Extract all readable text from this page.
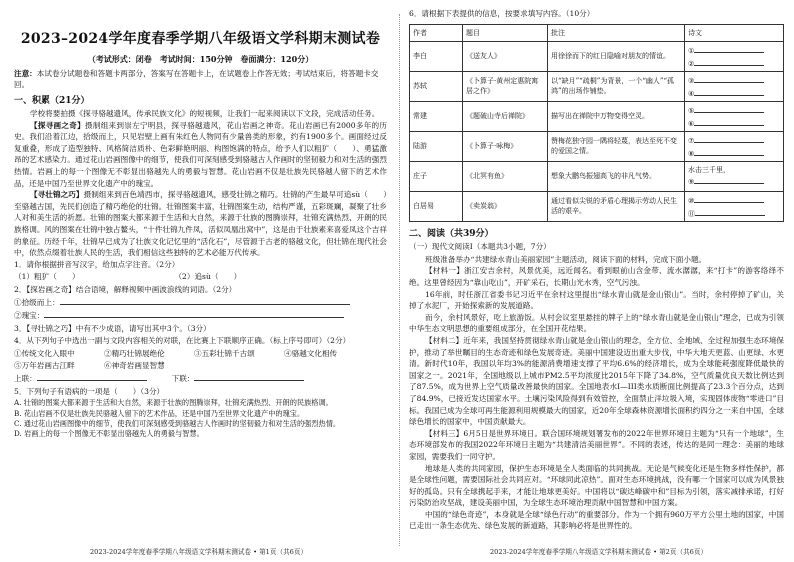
2023–2024学年度春季学期八年级语文学科期末测试卷
（考试形式：闭卷　考试时间：150分钟　卷面满分：120分）

注意：本试卷分试题卷和答题卡两部分，答案写在答题卡上，在试题卷上作答无效；考试结束后，将答题卡交回。

一、积累（21分）

学校将要拍摄《探寻骆越遗风，传承民族文化》的短视频，让我们一起来阅读以下文段，完成活动任务。

【探寻画之奇】摄制组来到崇左宁明县，探寻骆越遗风，花山岩画之神奇。花山岩画已有2000多年的历史。我们沿着江边，拾级而上，只见岩壁上画有朱红色人物同有少量兽类的形象，约有1900多个。画面经过反复重叠，形成了造型独特、风格简洁质朴、色彩鲜艳明丽、构图饱满的特点，给予人们以粗犷（　　）、勇猛激昂的艺术感染力。通过花山岩画图像中的细节，使我们可深刻感受到骆越古人作画时的坚韧毅力和对生活的强烈热情。岩画上的每一个图像无不彰显出骆越先人的勇毅与智慧。花山岩画不仅是壮族先民骆越人留下的艺术作品，还是中国乃至世界文化遗产中的瑰宝。

【寻壮锦之巧】摄制组来到百色靖西市，探寻骆越遗风，感受壮锦之精巧。壮锦的产生最早可追sù（　　）至骆越古国，先民们创造了精巧绝伦的壮锦。壮锦图案丰富，壮锦图案生动，结构严谨，五彩斑斓，凝聚了壮乡人对和美生活的祈愿。壮锦的图案大都来源于生活和大自然，来源于壮族的图腾崇拜，壮锦充满热烈、开朗的民族格调。风的图案在壮锦中独占鳌头，“十件壮锦九件凤，活似凤凰出窝中”，这是由于壮族素来喜爱凤这个吉祥的象征。历经千年，壮锦早已成为了壮族文化记忆里的“活化石”，尽管源于古老的骆越文化，但壮锦在现代社会中，依然点缀着壮族人民的生活，我们相信这些独特的艺术必能万代传承。

1．请你根据拼音写汉字，给加点字注音。（2分）
（1）粗犷（　　）	（2）追sù（　　）
2．【探岩画之奇】结合语境，解释视频中画波浪线的词语。（2分）
①拾级而上：
②瑰宝：
3．【寻壮锦之巧】中有不少成语，请写出其中3个。（3分）
4．从下列句子中选出一副与文段内容相关的对联，在比赛上下联顺序正确。（标上序号即可）（2分）
①传统文化入眼中	②精巧壮锦展绝伦	③五彩壮锦千古颂	④骆越文化相传
⑤万年岩画古江畔	⑥神奇岩画显智慧
上联：	下联：
5．下列句子有语病的一项是（　　）（3分）
A. 壮锦的图案大都来源于生活和大自然，来源于壮族的图腾崇拜，壮锦充满热烈、开朗的民族格调。
B. 花山岩画不仅是壮族先民骆越人留下的艺术作品，还是中国乃至世界文化遗产中的瑰宝。
C. 通过花山岩画图像中的细节，使我们可深刻感受到骆越古人作画时的坚韧毅力和对生活的强烈热情。
D. 岩画上的每一个图像无不彰显出骆越先人的勇毅与智慧。
2023-2024学年度春季学期八年级语文学科期末测试卷 • 第1页（共6页）
6．请根据下表提供的信息，按要求填写内容。（10分）
作者	题目	批注	诗文
李白	《送友人》	用徐徐而下的红日隐喻对朋友的情谊。	①
②

苏轼	《卜算子·黄州定惠院寓居之作》	以“缺月”“疏桐”为背景，一个“幽人”“孤鸿”的出场作铺垫。	③
④

常建	《题破山寺后禅院》	描写出在禅院中万物变得空灵。	⑤
⑥

陆游	《卜算子·咏梅》	赞梅花独守园一隅将轻蔑，表达至死不变的爱国之情。	⑦
⑧

庄子	《北冥有鱼》	想象大鹏鸟振翅高飞的非凡气势。	水击三千里，
⑨

白居易	《卖炭翁》	通过看似尖锐的矛盾心理揭示劳动人民生活的艰辛。	⑩
⑪
二、阅读（共39分）
（一）现代文阅读Ⅰ（本题共3小题，7分）

班级准备举办“共建绿水青山美丽家园”主题活动，阅读下面的材料，完成下面小题。

【材料一】浙江安吉余村，风景优美，远近闻名。看到眼前山含金带、流水潺潺，来“打卡”的游客络绎不绝。这里曾经因为“靠山吃山”，开矿采石，长期山光水秀，空气污浊。

16年前，时任浙江省委书记习近平在余村这里提出“绿水青山就是金山银山”。当时，余村停掉了矿山，关掉了水泥厂，开始探索新的发展道路。

而今，余村风景好，吃上旅游饭。从村会议室里悬挂的牌子上的“绿水青山就是金山银山”理念，已成为引领中华生态文明思想的重要组成部分，在全国开花结果。

【材料二】近年来，我国坚持贯彻绿水青山就是金山银山的理念，全方位、全地域、全过程加强生态环境保护，推动了举世瞩目的生态奇迹和绿色发展奇迹。美丽中国建设迈出重大步伐，中华大地天更蓝、山更绿、水更清。新时代10年，我国以年均3%的能源消费增速支撑了平均6.6%的经济增长，成为全球能耗强度降低最快的国家之一。2021年，全国地级以上城市PM2.5平均浓度比2015年下降了34.8%，空气质量优良天数比例达到了87.5%，成为世界上空气质量改善最快的国家。全国地表水I—III类水质断面比例提高了23.3个百分点，达到了84.9%，已接近发达国家水平。土壤污染风险得到有效管控，全面禁止洋垃圾入境，实现固体废物“零进口”目标。我国已成为全球可再生能源利用规模最大的国家，近20年全球森林资源增长面积约四分之一来自中国，全球绿色增长的国家中，中国贡献最大。

【材料三】6月5日是世界环境日。联合国环境规划署发布的2022年世界环境日主题为“只有一个地球”，生态环境部发布的我国2022年环境日主题为“共建清洁美丽世界”。不同的表述，传达的是同一理念：美丽的地球家园，需要我们一同守护。

地球是人类的共同家园，保护生态环境是全人类面临的共同挑战。无论是气候变化还是生物多样性保护，都是全球性问题，需要国际社会共同应对。“环球同此凉热”。面对生态环境挑战，没有哪一个国家可以成为风景独好的孤岛。只有全球携起手来，才能让地球更美好。中国将以“碳达峰碳中和”目标为引领，落实减排承诺，打好污染防治攻坚战，建设美丽中国，为全球生态环境治理贡献中国智慧和中国方案。

中国的“绿色奇迹”，本身就是全球“绿色行动”的重要部分。作为一个拥有960万平方公里土地的国家，中国已走出一条生态优先、绿色发展的新道路，其影响必将是世界性的。

2023-2024学年度春季学期八年级语文学科期末测试卷 • 第2页（共6页）
